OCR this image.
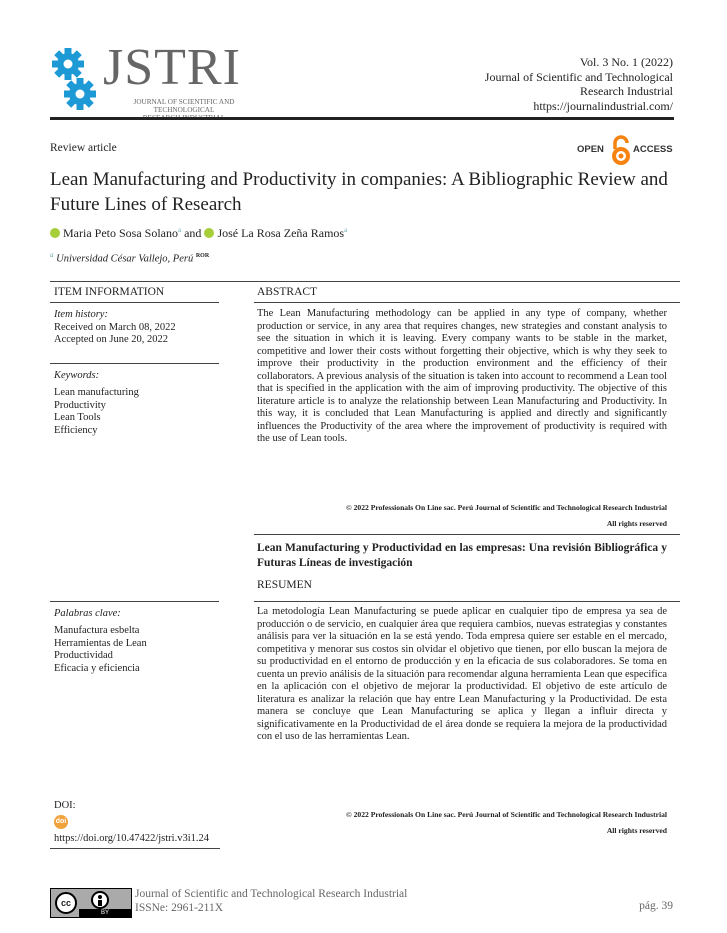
JSTRI
JOURNAL OF SCIENTIFIC AND TECHNOLOGICAL
Vol. 3 No. 1 (2022)
Journal of Scientific and Technological
Research Industrial
https://journalindustrial.com/
Review article	OPEN	ACCESS
Lean Manufacturing and Productivity in companies: A Bibliographic Review and Future Lines of Research
Maria Peto Sosa Solano$^a$ and José La Rosa Zeña Ramos$^a$
$^a$ Universidad César Vallejo, Perú $^{ROR}$
ITEM INFORMATION
Item history:
Received on March 08, 2022
Accepted on June 20, 2022
Keywords:
Lean manufacturing
Productivity
Lean Tools
Efficiency
ABSTRACT
The Lean Manufacturing methodology can be applied in any type of company, whether production or service, in any area that requires changes, new strategies and constant analysis to see the situation in which it is leaving. Every company wants to be stable in the market, competitive and lower their costs without forgetting their objective, which is why they seek to improve their productivity in the production environment and the efficiency of their collaborators. A previous analysis of the situation is taken into account to recommend a Lean tool that is specified in the application with the aim of improving productivity. The objective of this literature article is to analyze the relationship between Lean Manufacturing and Productivity. In this way, it is concluded that Lean Manufacturing is applied and directly and significantly influences the Productivity of the area where the improvement of productivity is required with the use of Lean tools.
© 2022 Professionals On Line sac. Perú Journal of Scientific and Technological Research Industrial
All rights reserved
Lean Manufacturing y Productividad en las empresas: Una revisión Bibliográfica y Futuras Líneas de investigación
RESUMEN
Palabras clave:
Manufactura esbelta
Herramientas de Lean
Productividad
Eficacia y eficiencia
La metodología Lean Manufacturing se puede aplicar en cualquier tipo de empresa ya sea de producción o de servicio, en cualquier área que requiera cambios, nuevas estrategias y constantes análisis para ver la situación en la se está yendo. Toda empresa quiere ser estable en el mercado, competitiva y menorar sus costos sin olvidar el objetivo que tienen, por ello buscan la mejora de su productividad en el entorno de producción y en la eficacia de sus colaboradores. Se toma en cuenta un previo análisis de la situación para recomendar alguna herramienta Lean que especifica en la aplicación con el objetivo de mejorar la productividad. El objetivo de este artículo de literatura es analizar la relación que hay entre Lean Manufacturing y la Productividad. De esta manera se concluye que Lean Manufacturing se aplica y llegan a influir directa y significativamente en la Productividad de el área donde se requiera la mejora de la productividad con el uso de las herramientas Lean.
© 2022 Professionals On Line sac. Perú Journal of Scientific and Technological Research Industrial
All rights reserved
DOI:
doi
https://doi.org/10.47422/jstri.v3i1.24
cc
BY
Journal of Scientific and Technological Research Industrial
ISSNe: 2961-211X	pág. 39
